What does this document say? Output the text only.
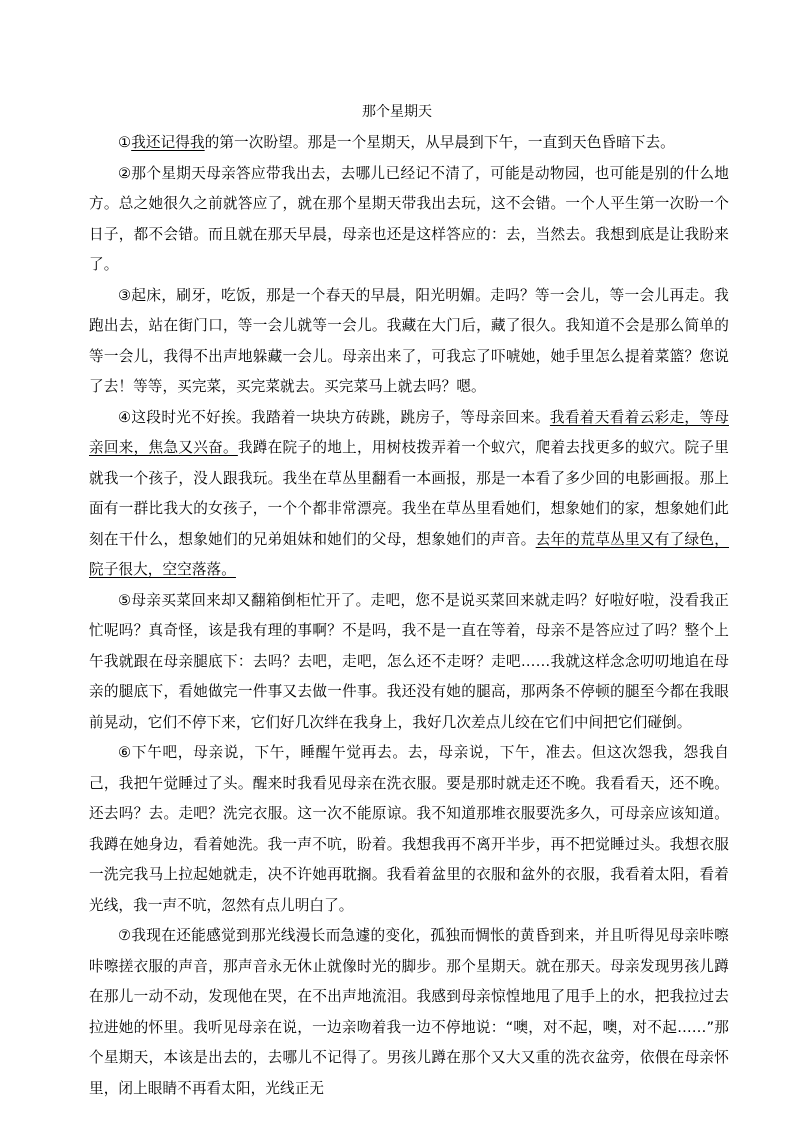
那个星期天

①我还记得我的第一次盼望。那是一个星期天，从早晨到下午，一直到天色昏暗下去。

②那个星期天母亲答应带我出去，去哪儿已经记不清了，可能是动物园，也可能是别的什么地方。总之她很久之前就答应了，就在那个星期天带我出去玩，这不会错。一个人平生第一次盼一个日子，都不会错。而且就在那天早晨，母亲也还是这样答应的：去，当然去。我想到底是让我盼来了。

③起床，刷牙，吃饭，那是一个春天的早晨，阳光明媚。走吗？等一会儿，等一会儿再走。我跑出去，站在街门口，等一会儿就等一会儿。我藏在大门后，藏了很久。我知道不会是那么简单的等一会儿，我得不出声地躲藏一会儿。母亲出来了，可我忘了吓唬她，她手里怎么提着菜篮？您说了去！等等，买完菜，买完菜就去。买完菜马上就去吗？嗯。

④这段时光不好挨。我踏着一块块方砖跳，跳房子，等母亲回来。我看着天看着云彩走，等母亲回来，焦急又兴奋。我蹲在院子的地上，用树枝拨弄着一个蚁穴，爬着去找更多的蚁穴。院子里就我一个孩子，没人跟我玩。我坐在草丛里翻看一本画报，那是一本看了多少回的电影画报。那上面有一群比我大的女孩子，一个个都非常漂亮。我坐在草丛里看她们，想象她们的家，想象她们此刻在干什么，想象她们的兄弟姐妹和她们的父母，想象她们的声音。去年的荒草丛里又有了绿色，院子很大，空空落落。

⑤母亲买菜回来却又翻箱倒柜忙开了。走吧，您不是说买菜回来就走吗？好啦好啦，没看我正忙呢吗？真奇怪，该是我有理的事啊？不是吗，我不是一直在等着，母亲不是答应过了吗？整个上午我就跟在母亲腿底下：去吗？去吧，走吧，怎么还不走呀？走吧……我就这样念念叨叨地追在母亲的腿底下，看她做完一件事又去做一件事。我还没有她的腿高，那两条不停顿的腿至今都在我眼前晃动，它们不停下来，它们好几次绊在我身上，我好几次差点儿绞在它们中间把它们碰倒。

⑥下午吧，母亲说，下午，睡醒午觉再去。去，母亲说，下午，准去。但这次怨我，怨我自己，我把午觉睡过了头。醒来时我看见母亲在洗衣服。要是那时就走还不晚。我看看天，还不晚。还去吗？去。走吧？洗完衣服。这一次不能原谅。我不知道那堆衣服要洗多久，可母亲应该知道。我蹲在她身边，看着她洗。我一声不吭，盼着。我想我再不离开半步，再不把觉睡过头。我想衣服一洗完我马上拉起她就走，决不许她再耽搁。我看着盆里的衣服和盆外的衣服，我看着太阳，看着光线，我一声不吭，忽然有点儿明白了。

⑦我现在还能感觉到那光线漫长而急遽的变化，孤独而惆怅的黄昏到来，并且听得见母亲咔嚓咔嚓搓衣服的声音，那声音永无休止就像时光的脚步。那个星期天。就在那天。母亲发现男孩儿蹲在那儿一动不动，发现他在哭，在不出声地流泪。我感到母亲惊惶地甩了甩手上的水，把我拉过去拉进她的怀里。我听见母亲在说，一边亲吻着我一边不停地说：“噢，对不起，噢，对不起……”那个星期天，本该是出去的，去哪儿不记得了。男孩儿蹲在那个又大又重的洗衣盆旁，依偎在母亲怀里，闭上眼睛不再看太阳，光线正无
